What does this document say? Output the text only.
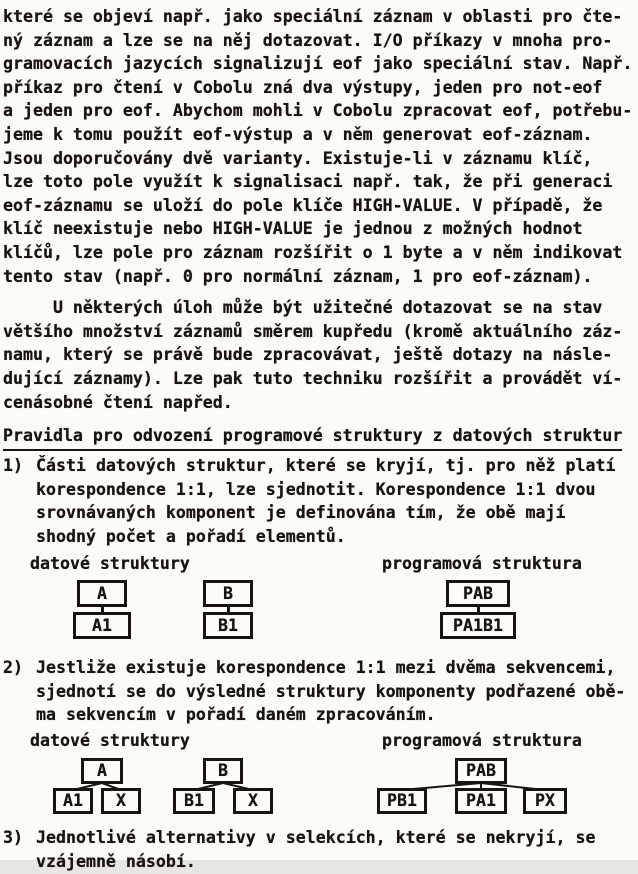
které se objeví např. jako speciální záznam v oblasti pro čte-
ný záznam a lze se na něj dotazovat. I/O příkazy v mnoha pro-
gramovacích jazycích signalizují eof jako speciální stav. Např.
příkaz pro čtení v Cobolu zná dva výstupy, jeden pro not-eof
a jeden pro eof. Abychom mohli v Cobolu zpracovat eof, potřebu-
jeme k tomu použít eof-výstup a v něm generovat eof-záznam.
Jsou doporučovány dvě varianty. Existuje-li v záznamu klíč,
lze toto pole využít k signalisaci např. tak, že při generaci
eof-záznamu se uloží do pole klíče HIGH-VALUE. V případě, že
klíč neexistuje nebo HIGH-VALUE je jednou z možných hodnot
klíčů, lze pole pro záznam rozšířit o 1 byte a v něm indikovat
tento stav (např. 0 pro normální záznam, 1 pro eof-záznam).
U některých úloh může být užitečné dotazovat se na stav
většího množství záznamů směrem kupředu (kromě aktuálního záz-
namu, který se právě bude zpracovávat, ještě dotazy na násle-
dující záznamy). Lze pak tuto techniku rozšířit a provádět ví-
cenásobné čtení napřed.
Pravidla pro odvození programové struktury z datových struktur
1) Části datových struktur, které se kryjí, tj. pro něž platí
korespondence 1:1, lze sjednotit. Korespondence 1:1 dvou
srovnávaných komponent je definována tím, že obě mají
shodný počet a pořadí elementů.
datové struktury	programová struktura
A
A1
B
B1
PAB
PA1B1
2) Jestliže existuje korespondence 1:1 mezi dvěma sekvencemi,
sjednotí se do výsledné struktury komponenty podřazené obě-
ma sekvencím v pořadí daném zpracováním.
datové struktury	programová struktura
A
A1	X
B
B1	X
PAB
PB1	PA1	PX
3) Jednotlivé alternativy v selekcích, které se nekryjí, se
vzájemně násobí.
